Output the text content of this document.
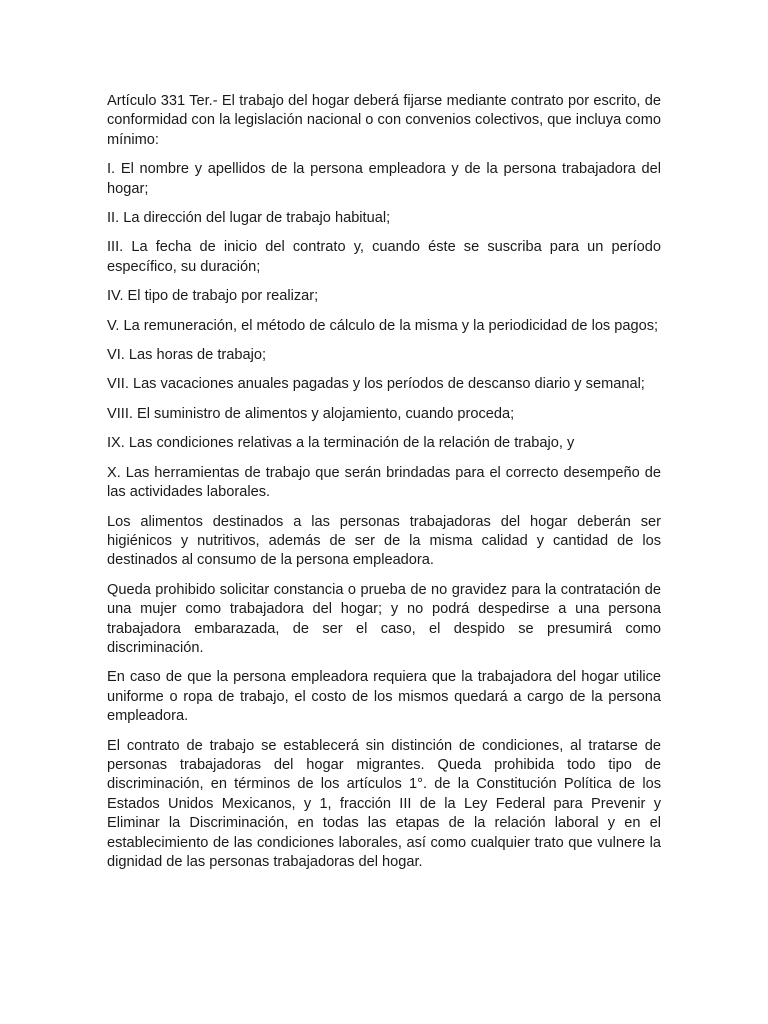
Artículo 331 Ter.- El trabajo del hogar deberá fijarse mediante contrato por escrito, de conformidad con la legislación nacional o con convenios colectivos, que incluya como mínimo:

I. El nombre y apellidos de la persona empleadora y de la persona trabajadora del hogar;

II. La dirección del lugar de trabajo habitual;

III. La fecha de inicio del contrato y, cuando éste se suscriba para un período específico, su duración;

IV. El tipo de trabajo por realizar;

V. La remuneración, el método de cálculo de la misma y la periodicidad de los pagos;

VI. Las horas de trabajo;

VII. Las vacaciones anuales pagadas y los períodos de descanso diario y semanal;

VIII. El suministro de alimentos y alojamiento, cuando proceda;

IX. Las condiciones relativas a la terminación de la relación de trabajo, y

X. Las herramientas de trabajo que serán brindadas para el correcto desempeño de las actividades laborales.

Los alimentos destinados a las personas trabajadoras del hogar deberán ser higiénicos y nutritivos, además de ser de la misma calidad y cantidad de los destinados al consumo de la persona empleadora.

Queda prohibido solicitar constancia o prueba de no gravidez para la contratación de una mujer como trabajadora del hogar; y no podrá despedirse a una persona trabajadora embarazada, de ser el caso, el despido se presumirá como discriminación.

En caso de que la persona empleadora requiera que la trabajadora del hogar utilice uniforme o ropa de trabajo, el costo de los mismos quedará a cargo de la persona empleadora.

El contrato de trabajo se establecerá sin distinción de condiciones, al tratarse de personas trabajadoras del hogar migrantes. Queda prohibida todo tipo de discriminación, en términos de los artículos 1°. de la Constitución Política de los Estados Unidos Mexicanos, y 1, fracción III de la Ley Federal para Prevenir y Eliminar la Discriminación, en todas las etapas de la relación laboral y en el establecimiento de las condiciones laborales, así como cualquier trato que vulnere la dignidad de las personas trabajadoras del hogar.
